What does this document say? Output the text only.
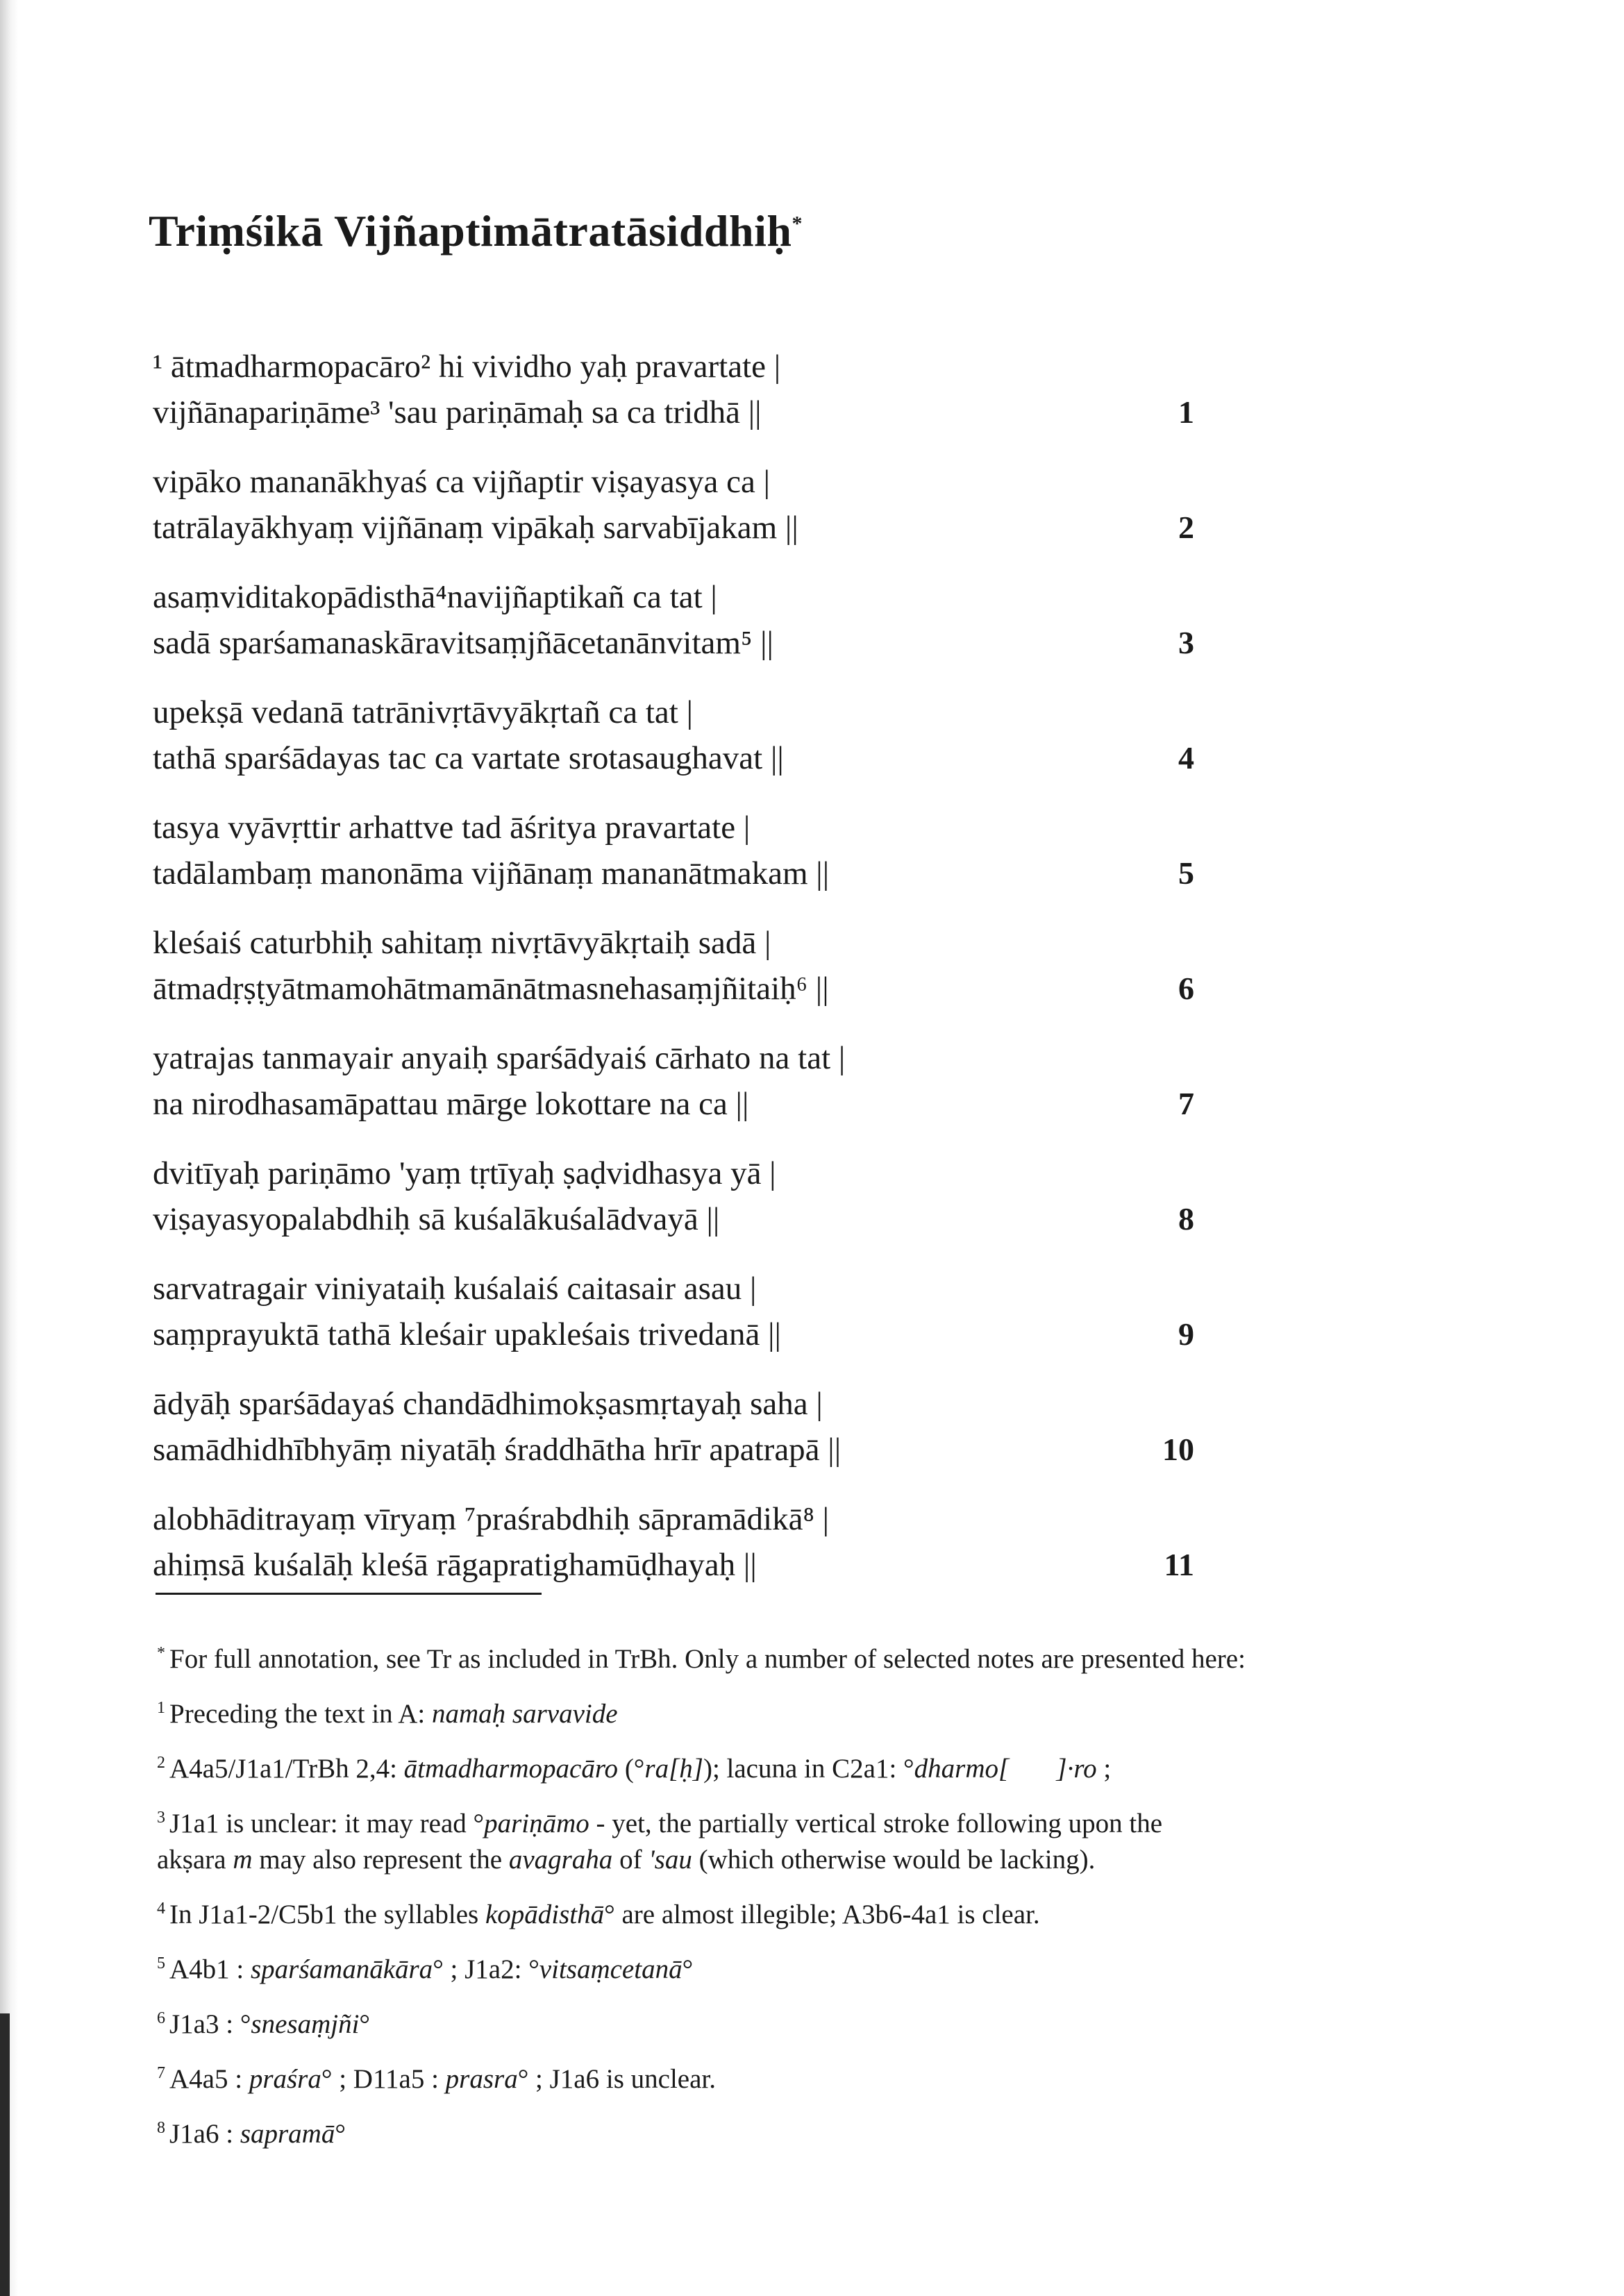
Triṃśikā Vijñaptimātratāsiddhiḥ*
¹ ātmadharmopacāro² hi vividho yaḥ pravartate |
vijñānapariṇāme³ 'sau pariṇāmaḥ sa ca tridhā ||	1
vipāko mananākhyaś ca vijñaptir viṣayasya ca |
tatrālayākhyaṃ vijñānaṃ vipākaḥ sarvabījakam ||	2
asaṃviditakopādisthā⁴navijñaptikañ ca tat |
sadā sparśamanaskāravitsaṃjñācetanānvitam⁵ ||	3
upekṣā vedanā tatrānivṛtāvyākṛtañ ca tat |
tathā sparśādayas tac ca vartate srotasaughavat ||	4
tasya vyāvṛttir arhattve tad āśritya pravartate |
tadālambaṃ manonāma vijñānaṃ mananātmakam ||	5
kleśaiś caturbhiḥ sahitaṃ nivṛtāvyākṛtaiḥ sadā |
ātmadṛṣṭyātmamohātmamānātmasnehasaṃjñitaiḥ⁶ ||	6
yatrajas tanmayair anyaiḥ sparśādyaiś cārhato na tat |
na nirodhasamāpattau mārge lokottare na ca ||	7
dvitīyaḥ pariṇāmo 'yaṃ tṛtīyaḥ ṣaḍvidhasya yā |
viṣayasyopalabdhiḥ sā kuśalākuśalādvayā ||	8
sarvatragair viniyataiḥ kuśalaiś caitasair asau |
saṃprayuktā tathā kleśair upakleśais trivedanā ||	9
ādyāḥ sparśādayaś chandādhimokṣasmṛtayaḥ saha |
samādhidhībhyāṃ niyatāḥ śraddhātha hrīr apatrapā ||	10
alobhāditrayaṃ vīryaṃ ⁷praśrabdhiḥ sāpramādikā⁸ |
ahiṃsā kuśalāḥ kleśā rāgapratighamūḍhayaḥ ||	11
* For full annotation, see Tr as included in TrBh. Only a number of selected notes are presented here:
$^1$ Preceding the text in A: namaḥ sarvavide
$^2$ A4a5/J1a1/TrBh 2,4: ātmadharmopacāro (°ra[ḥ]); lacuna in C2a1: °dharmo[       ]·ro ;
$^3$ J1a1 is unclear: it may read °pariṇāmo - yet, the partially vertical stroke following upon the
akṣara m may also represent the avagraha of 'sau (which otherwise would be lacking).
$^4$ In J1a1-2/C5b1 the syllables kopādisthā° are almost illegible; A3b6-4a1 is clear.
$^5$ A4b1 : sparśamanākāra° ; J1a2: °vitsaṃcetanā°
$^6$ J1a3 : °snesaṃjñi°
$^7$ A4a5 : praśra° ; D11a5 : prasra° ; J1a6 is unclear.
$^8$ J1a6 : sapramā°
